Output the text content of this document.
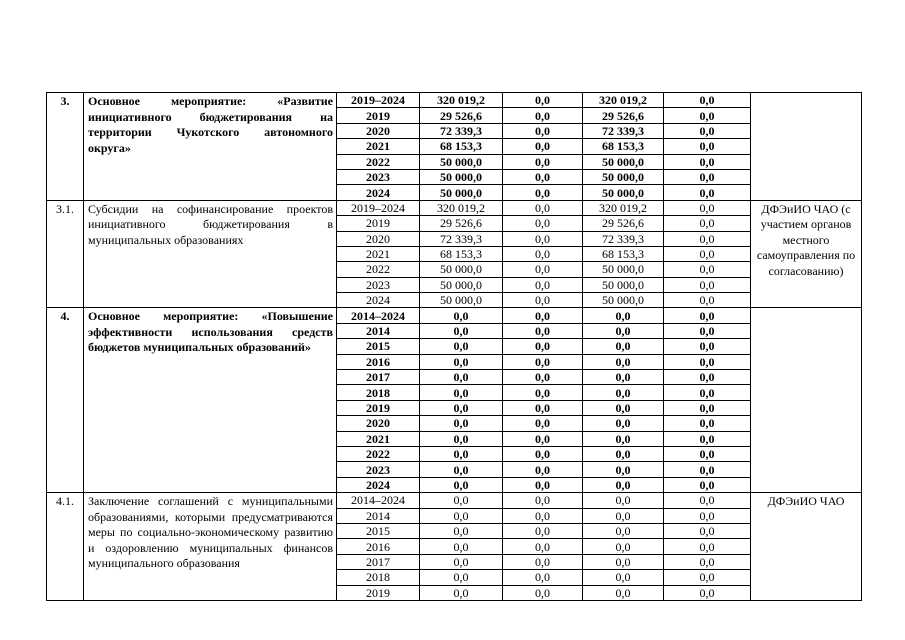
3.	Основное мероприятие: «Развитие инициативного бюджетирования на территории Чукотского автономного округа»	2019–2024	320 019,2	0,0	320 019,2	0,0	
		2019	29 526,6	0,0	29 526,6	0,0	
		2020	72 339,3	0,0	72 339,3	0,0	
		2021	68 153,3	0,0	68 153,3	0,0	
		2022	50 000,0	0,0	50 000,0	0,0	
		2023	50 000,0	0,0	50 000,0	0,0	
		2024	50 000,0	0,0	50 000,0	0,0	
3.1.	Субсидии на софинансирование проектов инициативного бюджетирования в муниципальных образованиях	2019–2024	320 019,2	0,0	320 019,2	0,0	ДФЭиИО ЧАО (с участием органов местного самоуправления по согласованию)
		2019	29 526,6	0,0	29 526,6	0,0	
		2020	72 339,3	0,0	72 339,3	0,0	
		2021	68 153,3	0,0	68 153,3	0,0	
		2022	50 000,0	0,0	50 000,0	0,0	
		2023	50 000,0	0,0	50 000,0	0,0	
		2024	50 000,0	0,0	50 000,0	0,0	
4.	Основное мероприятие: «Повышение эффективности использования средств бюджетов муниципальных образований»	2014–2024	0,0	0,0	0,0	0,0	
		2014	0,0	0,0	0,0	0,0	
		2015	0,0	0,0	0,0	0,0	
		2016	0,0	0,0	0,0	0,0	
		2017	0,0	0,0	0,0	0,0	
		2018	0,0	0,0	0,0	0,0	
		2019	0,0	0,0	0,0	0,0	
		2020	0,0	0,0	0,0	0,0	
		2021	0,0	0,0	0,0	0,0	
		2022	0,0	0,0	0,0	0,0	
		2023	0,0	0,0	0,0	0,0	
		2024	0,0	0,0	0,0	0,0	
4.1.	Заключение соглашений с муниципальными образованиями, которыми предусматриваются меры по социально-экономическому развитию и оздоровлению муниципальных финансов муниципального образования	2014–2024	0,0	0,0	0,0	0,0	ДФЭиИО ЧАО
		2014	0,0	0,0	0,0	0,0	
		2015	0,0	0,0	0,0	0,0	
		2016	0,0	0,0	0,0	0,0	
		2017	0,0	0,0	0,0	0,0	
		2018	0,0	0,0	0,0	0,0	
		2019	0,0	0,0	0,0	0,0	
